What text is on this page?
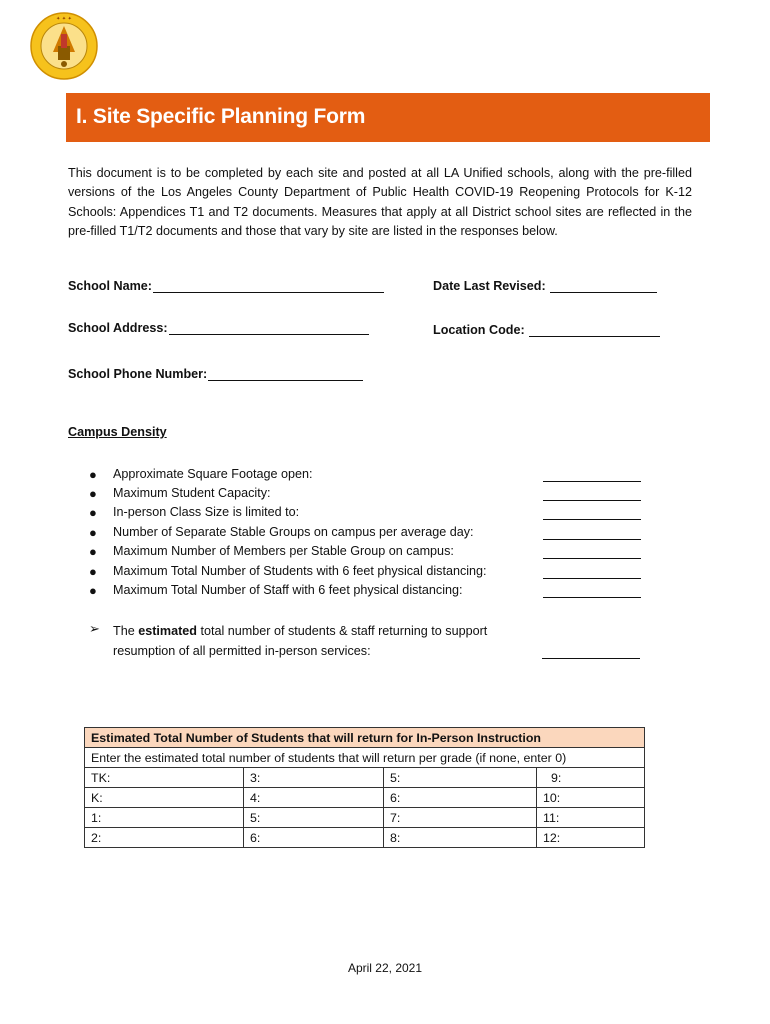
✦ ✦ ✦
I. Site Specific Planning Form
This document is to be completed by each site and posted at all LA Unified schools, along with the pre-filled versions of the Los Angeles County Department of Public Health COVID-19 Reopening Protocols for K-12 Schools: Appendices T1 and T2 documents. Measures that apply at all District school sites are reflected in the pre-filled T1/T2 documents and those that vary by site are listed in the responses below.
School Name:	Date Last Revised:
School Address:	Location Code:
School Phone Number:
Campus Density
● Approximate Square Footage open:
● Maximum Student Capacity:
● In-person Class Size is limited to:
● Number of Separate Stable Groups on campus per average day:
● Maximum Number of Members per Stable Group on campus:
● Maximum Total Number of Students with 6 feet physical distancing:
● Maximum Total Number of Staff with 6 feet physical distancing:
➢ The estimated total number of students & staff returning to support resumption of all permitted in-person services:
Estimated Total Number of Students that will return for In-Person Instruction			
Enter the estimated total number of students that will return per grade (if none, enter 0)			
TK:	3:	5:	9:
K:	4:	6:	10:
1:	5:	7:	11:
2:	6:	8:	12:
April 22, 2021
